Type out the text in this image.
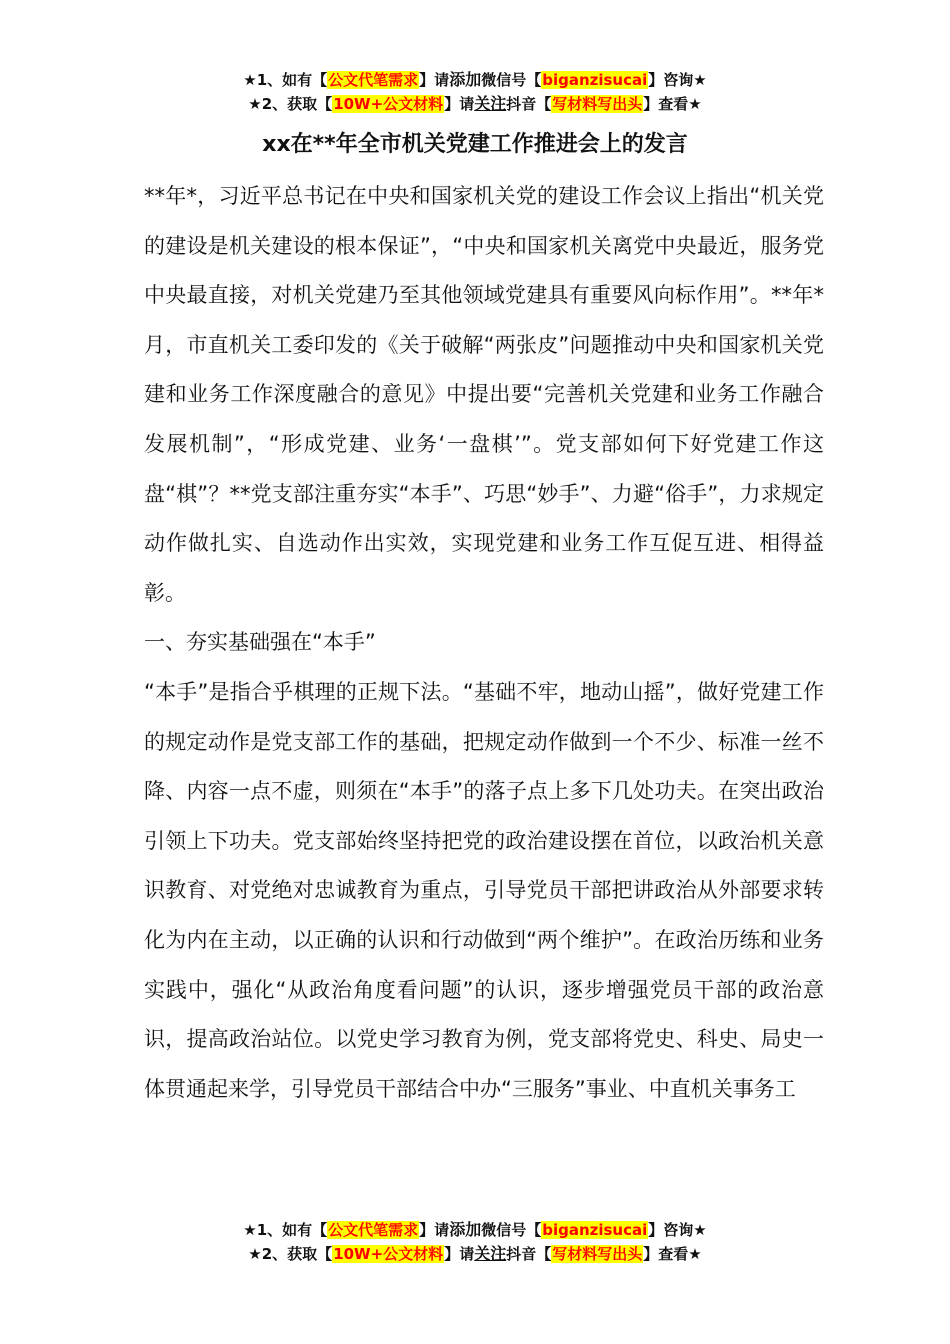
★1、如有【公文代笔需求】请添加微信号【biganzisucai】咨询★
★2、获取【10W+公文材料】请关注抖音【写材料写出头】查看★
xx在**年全市机关党建工作推进会上的发言

**年*，习近平总书记在中央和国家机关党的建设工作会议上指出“机关党的建设是机关建设的根本保证”，“中央和国家机关离党中央最近，服务党中央最直接，对机关党建乃至其他领域党建具有重要风向标作用”。**年*月，市直机关工委印发的《关于破解“两张皮”问题推动中央和国家机关党建和业务工作深度融合的意见》中提出要“完善机关党建和业务工作融合发展机制”，“形成党建、业务‘一盘棋’”。党支部如何下好党建工作这盘“棋”？**党支部注重夯实“本手”、巧思“妙手”、力避“俗手”，力求规定动作做扎实、自选动作出实效，实现党建和业务工作互促互进、相得益彰。

一、夯实基础强在“本手”

“本手”是指合乎棋理的正规下法。“基础不牢，地动山摇”，做好党建工作的规定动作是党支部工作的基础，把规定动作做到一个不少、标准一丝不降、内容一点不虚，则须在“本手”的落子点上多下几处功夫。在突出政治引领上下功夫。党支部始终坚持把党的政治建设摆在首位，以政治机关意识教育、对党绝对忠诚教育为重点，引导党员干部把讲政治从外部要求转化为内在主动，以正确的认识和行动做到“两个维护”。在政治历练和业务实践中，强化“从政治角度看问题”的认识，逐步增强党员干部的政治意识，提高政治站位。以党史学习教育为例，党支部将党史、科史、局史一体贯通起来学，引导党员干部结合中办“三服务”事业、中直机关事务工

★1、如有【公文代笔需求】请添加微信号【biganzisucai】咨询★
★2、获取【10W+公文材料】请关注抖音【写材料写出头】查看★
